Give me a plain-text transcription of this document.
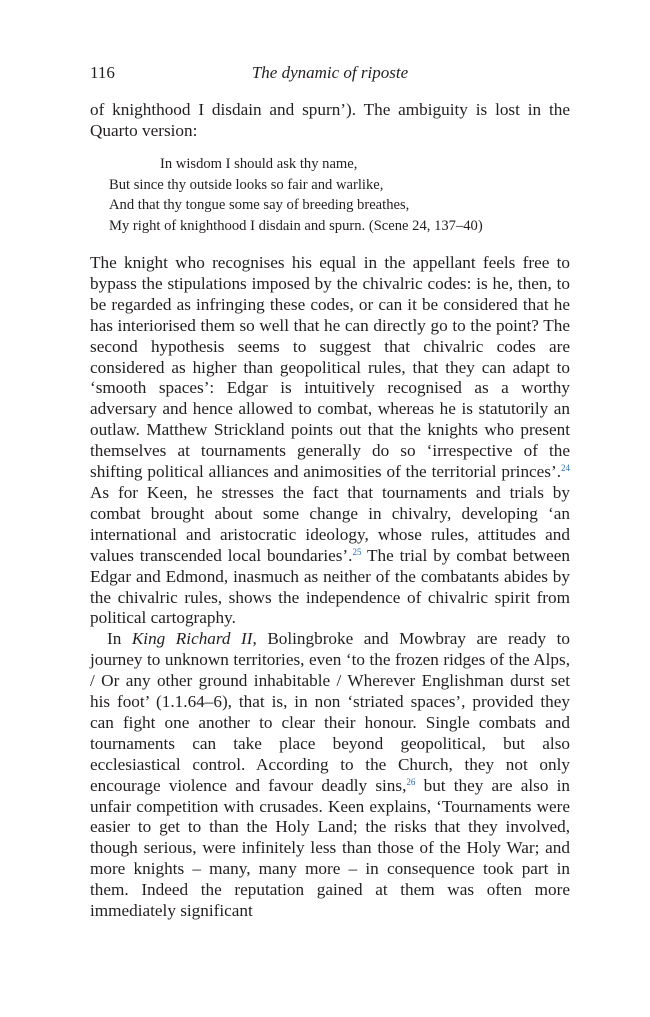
116	The dynamic of riposte

of knighthood I disdain and spurn’). The ambiguity is lost in the Quarto version:

In wisdom I should ask thy name,
But since thy outside looks so fair and warlike,
And that thy tongue some say of breeding breathes,
My right of knighthood I disdain and spurn. (Scene 24, 137–40)

The knight who recognises his equal in the appellant feels free to bypass the stipulations imposed by the chivalric codes: is he, then, to be regarded as infringing these codes, or can it be considered that he has interiorised them so well that he can directly go to the point? The second hypothesis seems to suggest that chivalric codes are considered as higher than geopolitical rules, that they can adapt to ‘smooth spaces’: Edgar is intuitively recognised as a worthy adversary and hence allowed to combat, whereas he is statutorily an outlaw. Matthew Strickland points out that the knights who present themselves at tournaments generally do so ‘irrespective of the shifting political alliances and animosities of the territorial princes’.$^{24}$ As for Keen, he stresses the fact that tournaments and trials by combat brought about some change in chivalry, developing ‘an international and aristocratic ideology, whose rules, attitudes and values transcended local boundaries’.$^{25}$ The trial by combat between Edgar and Edmond, inasmuch as neither of the combatants abides by the chivalric rules, shows the independence of chivalric spirit from political cartography.

In King Richard II, Bolingbroke and Mowbray are ready to journey to unknown territories, even ‘to the frozen ridges of the Alps, / Or any other ground inhabitable / Wherever Englishman durst set his foot’ (1.1.64–6), that is, in non ‘striated spaces’, provided they can fight one another to clear their honour. Single combats and tournaments can take place beyond geopolitical, but also ecclesiastical control. According to the Church, they not only encourage violence and favour deadly sins,$^{26}$ but they are also in unfair competition with crusades. Keen explains, ‘Tournaments were easier to get to than the Holy Land; the risks that they involved, though serious, were infinitely less than those of the Holy War; and more knights – many, many more – in consequence took part in them. Indeed the reputation gained at them was often more immediately significant
